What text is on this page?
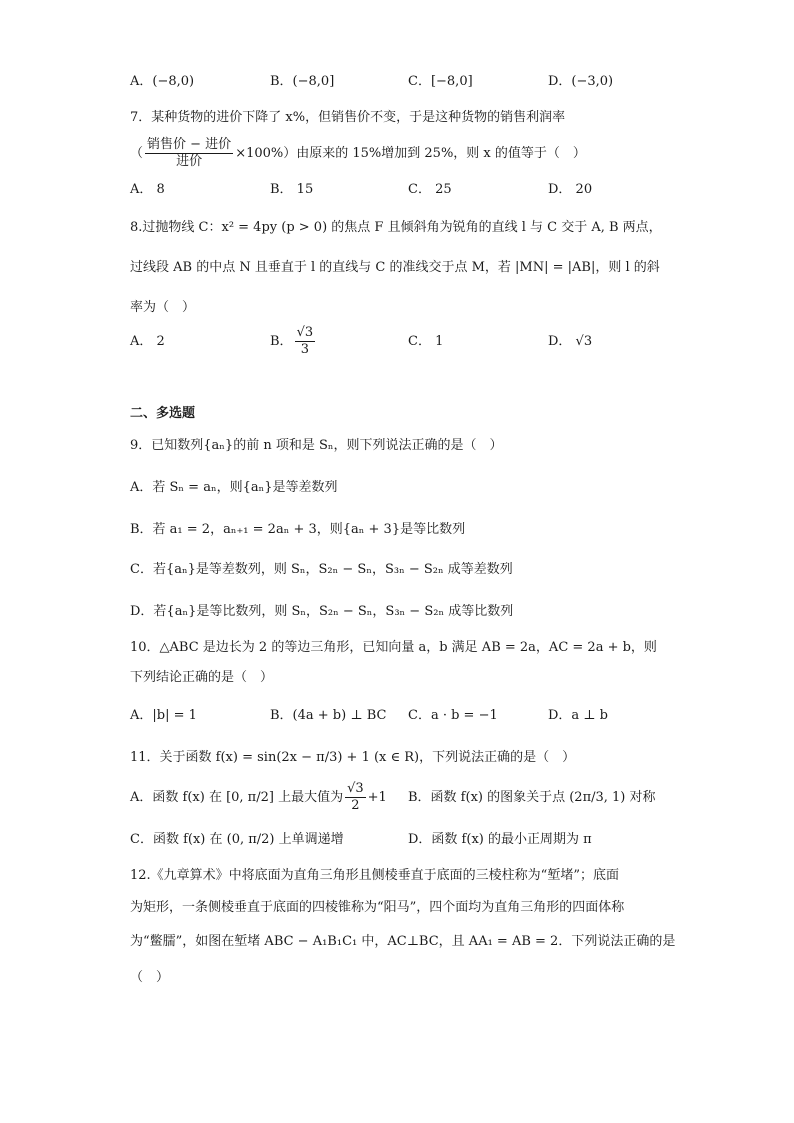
A．(−8,0)	B．(−8,0]	C．[−8,0]	D．(−3,0)
7．某种货物的进价下降了 x%，但销售价不变，于是这种货物的销售利润率
（ $\frac{\text{销售价 − 进价}}{\text{进价}} \times 100\%$）由原来的 15%增加到 25%，则 x 的值等于（　）
A． 8	B． 15	C． 25	D． 20
8.过抛物线 C：x² = 4py (p > 0) 的焦点 F 且倾斜角为锐角的直线 l 与 C 交于 A, B 两点，
过线段 AB 的中点 N 且垂直于 l 的直线与 C 的准线交于点 M，若 |MN| = |AB|，则 l 的斜
率为（　）
A． 2	B． $\frac{√3}{3}$	C． 1	D． √3
二、多选题
9．已知数列{aₙ}的前 n 项和是 Sₙ，则下列说法正确的是（　）
A．若 Sₙ = aₙ，则{aₙ}是等差数列
B．若 a₁ = 2，aₙ₊₁ = 2aₙ + 3，则{aₙ + 3}是等比数列
C．若{aₙ}是等差数列，则 Sₙ，S₂ₙ − Sₙ，S₃ₙ − S₂ₙ 成等差数列
D．若{aₙ}是等比数列，则 Sₙ，S₂ₙ − Sₙ，S₃ₙ − S₂ₙ 成等比数列
10．△ABC 是边长为 2 的等边三角形，已知向量 a，b 满足 AB = 2a，AC = 2a + b，则
下列结论正确的是（　）
A．|b| = 1	B．(4a + b) ⊥ BC C．a · b = −1	D．a ⊥ b
11．关于函数 f(x) = sin(2x − π/3) + 1 (x ∈ R)，下列说法正确的是（　）
A．函数 f(x) 在 [0, π/2] 上最大值为 $\frac{√3}{2} +1$ B．函数 f(x) 的图象关于点 (2π/3, 1) 对称
C．函数 f(x) 在 (0, π/2) 上单调递增	D．函数 f(x) 的最小正周期为 π
12.《九章算术》中将底面为直角三角形且侧棱垂直于底面的三棱柱称为“堑堵”；底面
为矩形，一条侧棱垂直于底面的四棱锥称为“阳马”，四个面均为直角三角形的四面体称
为“鳖臑”，如图在堑堵 ABC − A₁B₁C₁ 中，AC⊥BC，且 AA₁ = AB = 2．下列说法正确的是
（　）
